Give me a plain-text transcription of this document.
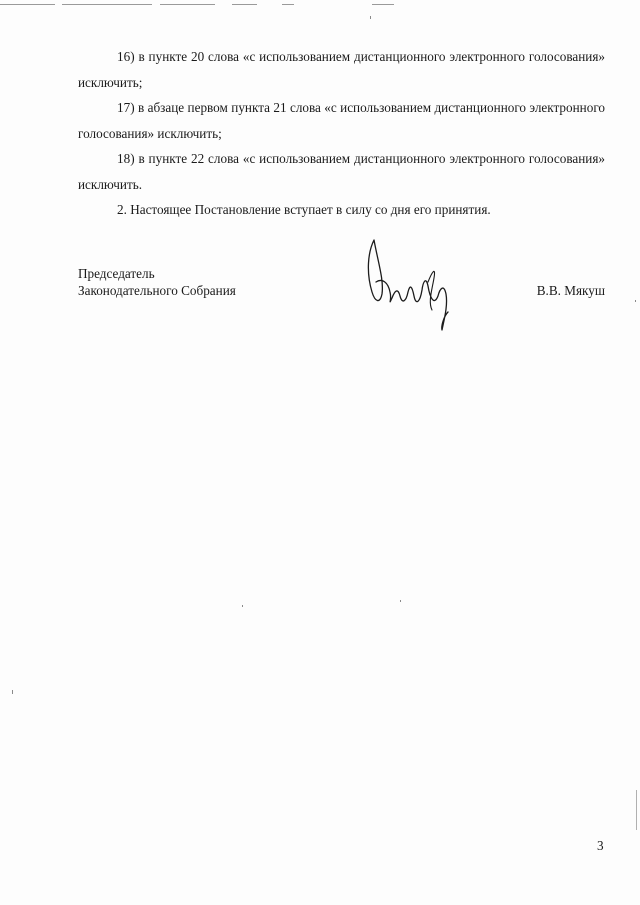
16) в пункте 20 слова «с использованием дистанционного электронного голосования» исключить;

17) в абзаце первом пункта 21 слова «с использованием дистанционного электронного голосования» исключить;

18) в пункте 22 слова «с использованием дистанционного электронного голосования» исключить.

2. Настоящее Постановление вступает в силу со дня его принятия.

Председатель
Законодательного Собрания	В.В. Мякуш
3
